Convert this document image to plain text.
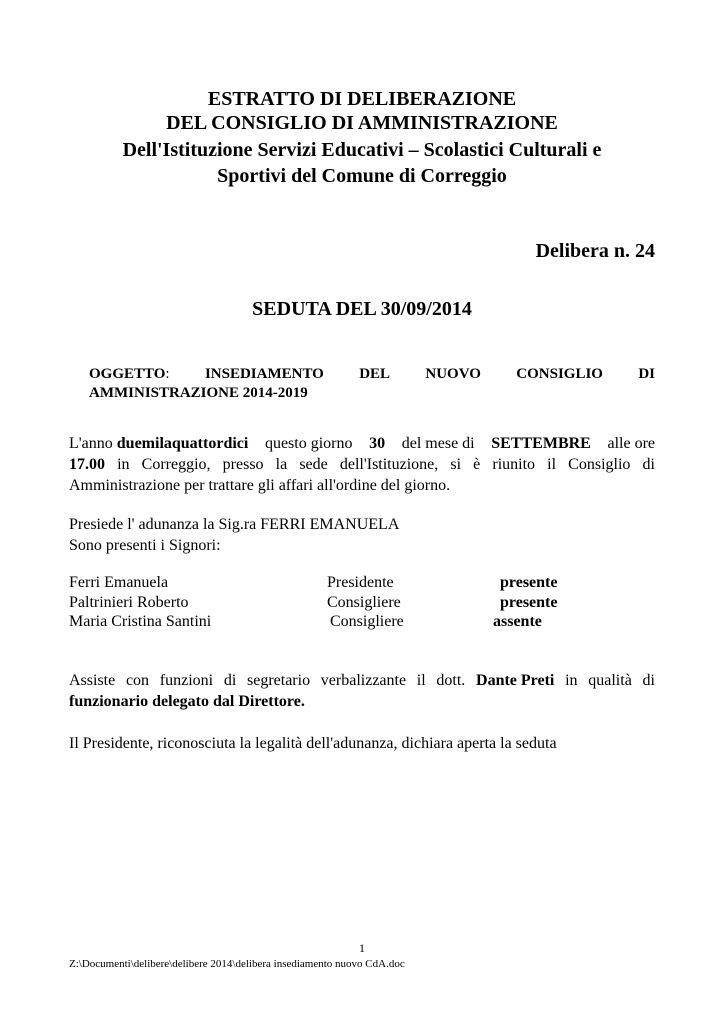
ESTRATTO DI DELIBERAZIONE
DEL CONSIGLIO DI AMMINISTRAZIONE
Dell'Istituzione Servizi Educativi – Scolastici Culturali e
Sportivi del Comune di Correggio
Delibera n. 24
SEDUTA DEL 30/09/2014
OGGETTO: INSEDIAMENTO DEL NUOVO CONSIGLIO DI
AMMINISTRAZIONE 2014-2019
L'anno duemilaquattordici questo giorno 30 del mese di SETTEMBRE alle ore
17.00 in Correggio, presso la sede dell'Istituzione, si è riunito il Consiglio di
Amministrazione per trattare gli affari all'ordine del giorno.
Presiede l' adunanza la Sig.ra FERRI EMANUELA
Sono presenti i Signori:
Ferri Emanuela	Presidente	presente
Paltrinieri Roberto	Consigliere	presente
Maria Cristina Santini	Consigliere	assente
Assiste con funzioni di segretario verbalizzante il dott. Dante Preti in qualità di
funzionario delegato dal Direttore.
Il Presidente, riconosciuta la legalità dell'adunanza, dichiara aperta la seduta
1
Z:\Documenti\delibere\delibere 2014\delibera insediamento nuovo CdA.doc
